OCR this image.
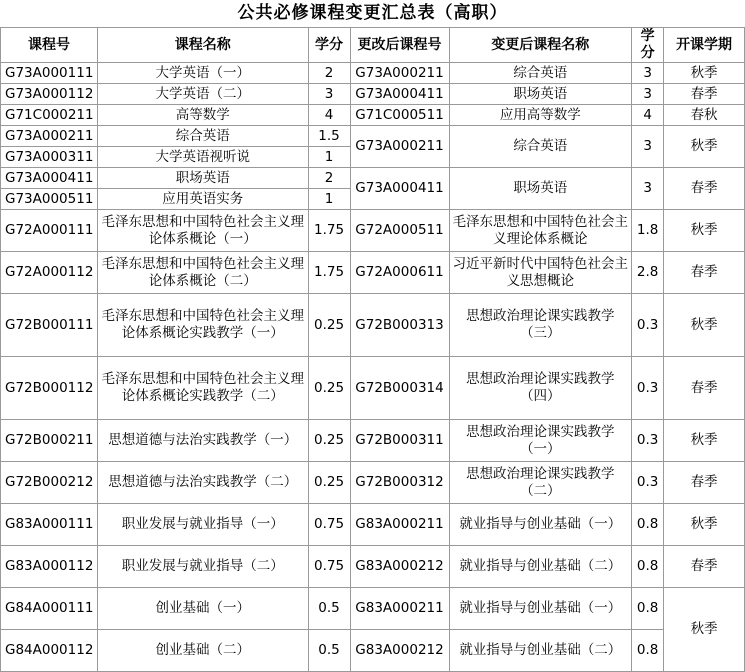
公共必修课程变更汇总表（高职）
课程号	课程名称	学分	更改后课程号	变更后课程名称	学分	开课学期
G73A000111	大学英语（一）	2	G73A000211	综合英语	3	秋季
G73A000112	大学英语（二）	3	G73A000411	职场英语	3	春季
G71C000211	高等数学	4	G71C000511	应用高等数学	4	春秋
G73A000211	综合英语	1.5	G73A000211	综合英语	3	秋季
G73A000311	大学英语视听说	1				
G73A000411	职场英语	2	G73A000411	职场英语	3	春季
G73A000511	应用英语实务	1				
G72A000111	毛泽东思想和中国特色社会主义理论体系概论（一）	1.75	G72A000511	毛泽东思想和中国特色社会主义理论体系概论	1.8	秋季
G72A000112	毛泽东思想和中国特色社会主义理论体系概论（二）	1.75	G72A000611	习近平新时代中国特色社会主义思想概论	2.8	春季
G72B000111	毛泽东思想和中国特色社会主义理论体系概论实践教学（一）	0.25	G72B000313	思想政治理论课实践教学（三）	0.3	秋季
G72B000112	毛泽东思想和中国特色社会主义理论体系概论实践教学（二）	0.25	G72B000314	思想政治理论课实践教学（四）	0.3	春季
G72B000211	思想道德与法治实践教学（一）	0.25	G72B000311	思想政治理论课实践教学（一）	0.3	秋季
G72B000212	思想道德与法治实践教学（二）	0.25	G72B000312	思想政治理论课实践教学（二）	0.3	春季
G83A000111	职业发展与就业指导（一）	0.75	G83A000211	就业指导与创业基础（一）	0.8	秋季
G83A000112	职业发展与就业指导（二）	0.75	G83A000212	就业指导与创业基础（二）	0.8	春季
G84A000111	创业基础（一）	0.5	G83A000211	就业指导与创业基础（一）	0.8	秋季
G84A000112	创业基础（二）	0.5	G83A000212	就业指导与创业基础（二）	0.8	
